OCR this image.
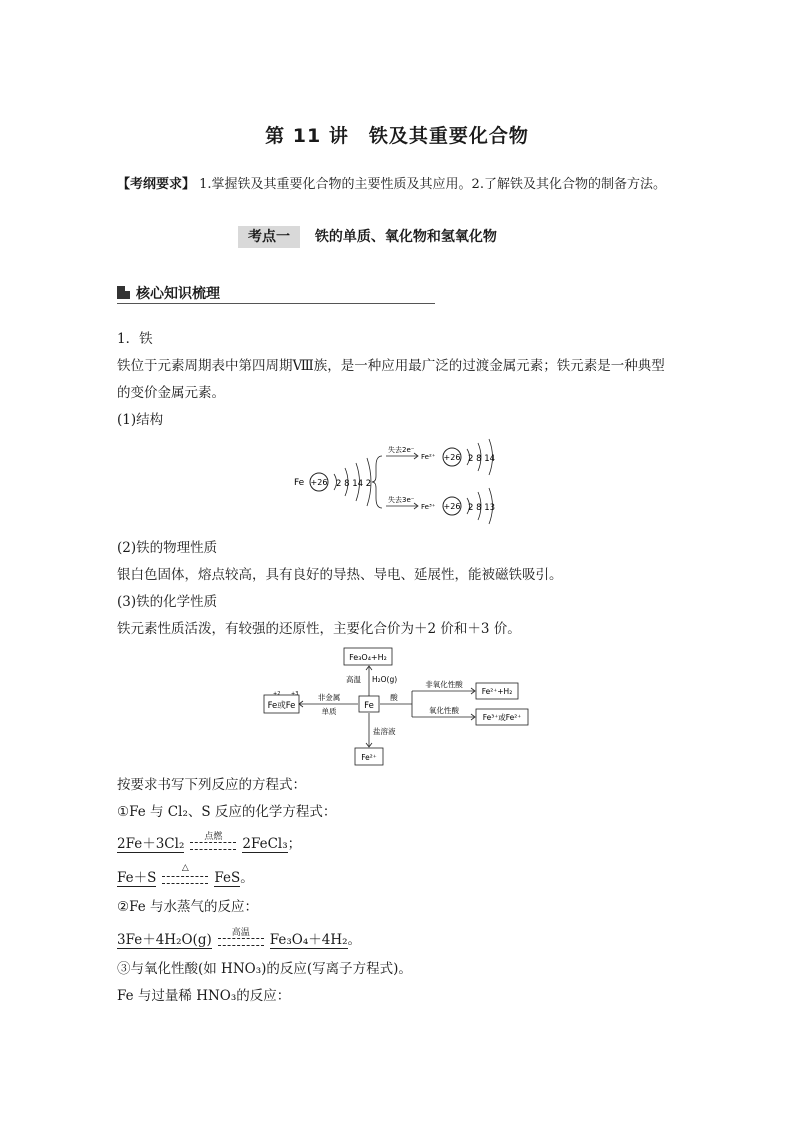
第 11 讲　铁及其重要化合物
【考纲要求】 1.掌握铁及其重要化合物的主要性质及其应用。2.了解铁及其化合物的制备方法。
考点一 铁的单质、氧化物和氢氧化物
核心知识梳理
1．铁
铁位于元素周期表中第四周期Ⅷ族，是一种应用最广泛的过渡金属元素；铁元素是一种典型
的变价金属元素。
(1)结构
Fe +26 2 8 14 2
失去2e⁻
Fe²⁺ +26 2 8 14
失去3e⁻
Fe³⁺ +26 2 8 13
(2)铁的物理性质
银白色固体，熔点较高，具有良好的导热、导电、延展性，能被磁铁吸引。
(3)铁的化学性质
铁元素性质活泼，有较强的还原性，主要化合价为＋2 价和＋3 价。
Fe₃O₄+H₂
高温 H₂O(g)
Fe
非金属
单质
Fe或Fe
+2 +3	酸
非氧化性酸
氧化性酸
Fe²⁺+H₂
Fe³⁺或Fe²⁺
盐溶液
Fe²⁺
按要求书写下列反应的方程式：
①Fe 与 Cl₂、S 反应的化学方程式：
2Fe＋3Cl₂	点燃	2FeCl₃；
Fe＋S
△
FeS。
②Fe 与水蒸气的反应：
3Fe＋4H₂O(g)	高温	Fe₃O₄＋4H₂。
③与氧化性酸(如 HNO₃)的反应(写离子方程式)。
Fe 与过量稀 HNO₃的反应：
